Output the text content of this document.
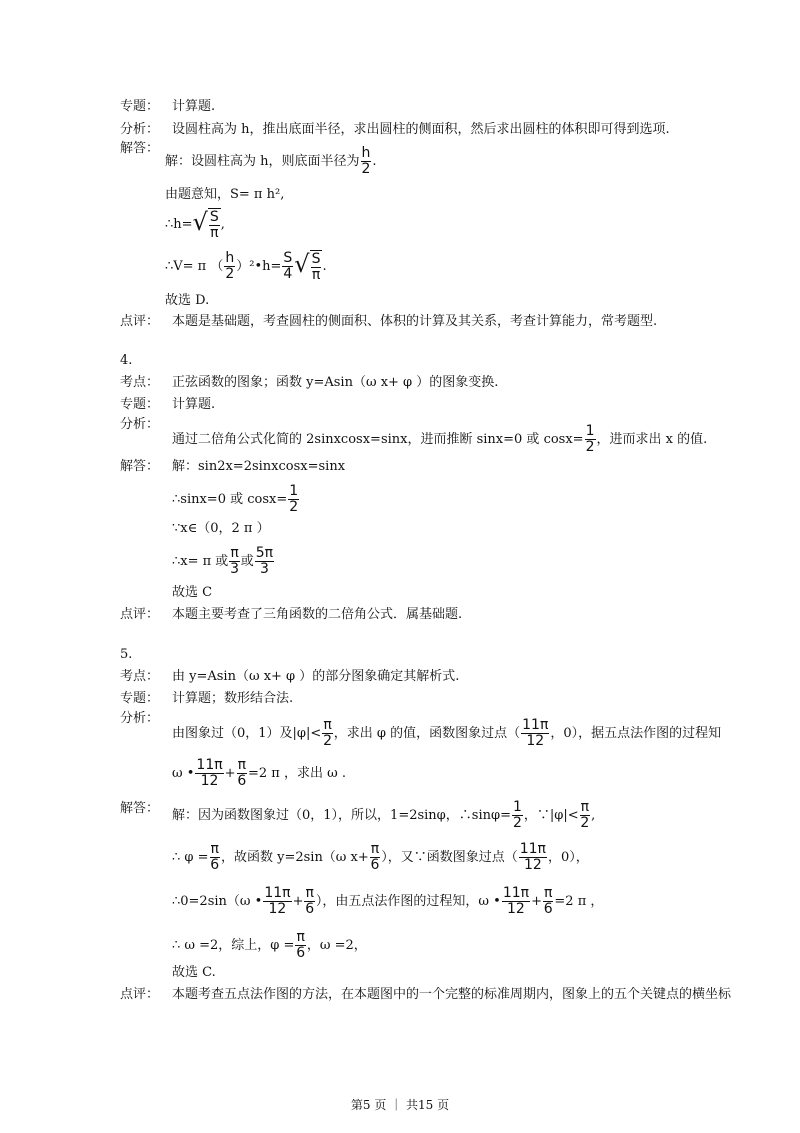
专题： 计算题.
分析： 设圆柱高为 h，推出底面半径，求出圆柱的侧面积，然后求出圆柱的体积即可得到选项.
解答：
解：设圆柱高为 h，则底面半径为 $\frac{h}{2}$ .
由题意知，S= π h²,
∴h= √ $\frac{S}{\pi}$ ,
∴V= π （ $\frac{h}{2}$ ）²•h= $\frac{S}{4}$ √ $\frac{S}{\pi}$ .
故选 D.
点评： 本题是基础题，考查圆柱的侧面积、体积的计算及其关系，考查计算能力，常考题型.
4.
考点： 正弦函数的图象；函数 y=Asin（ω x+ φ ）的图象变换.
专题： 计算题.
分析：
通过二倍角公式化简的 2sinxcosx=sinx，进而推断 sinx=0 或 $\cos x= \frac{1}{2}$ ，进而求出 x 的值.
解答： 解：sin2x=2sinxcosx=sinx
∴sinx=0 或 $\cos x= \frac{1}{2}$
∵x∈（0，2 π ）
∴x= π 或 $\frac{\pi}{3}$ 或 $\frac{5\pi}{3}$
故选 C
点评： 本题主要考查了三角函数的二倍角公式．属基础题.
5.
考点： 由 y=Asin（ω x+ φ ）的部分图象确定其解析式.
专题： 计算题；数形结合法.
分析：
由图象过（0，1）及$|\varphi|< \frac{\pi}{2}$ ，求出 φ 的值，函数图象过点（ $\frac{11\pi}{12}$ ，0），据五点法作图的过程知
ω • $\frac{11\pi}{12} + \frac{\pi}{6} =2$ π ，求出 ω .
解答： 解：因为函数图象过（0，1），所以，1=2sinφ，∴sinφ= $\frac{1}{2}$ ，∵|φ|< $\frac{\pi}{2}$ ,
∴ $\varphi = \frac{\pi}{6}$ ，故函数 y=2sin（ω $x+ \frac{\pi}{6}$ ），又∵函数图象过点（ $\frac{11\pi}{12}$ ，0），
∴0=2sin（ω • $\frac{11\pi}{12} + \frac{\pi}{6}$ ），由五点法作图的过程知，ω • $\frac{11\pi}{12} + \frac{\pi}{6} =2$ π ，
∴ ω =2，综上，$\varphi = \frac{\pi}{6}$ ，ω =2，
故选 C.
点评： 本题考查五点法作图的方法，在本题图中的一个完整的标准周期内，图象上的五个关键点的横坐标
第5 页 ｜ 共15 页
